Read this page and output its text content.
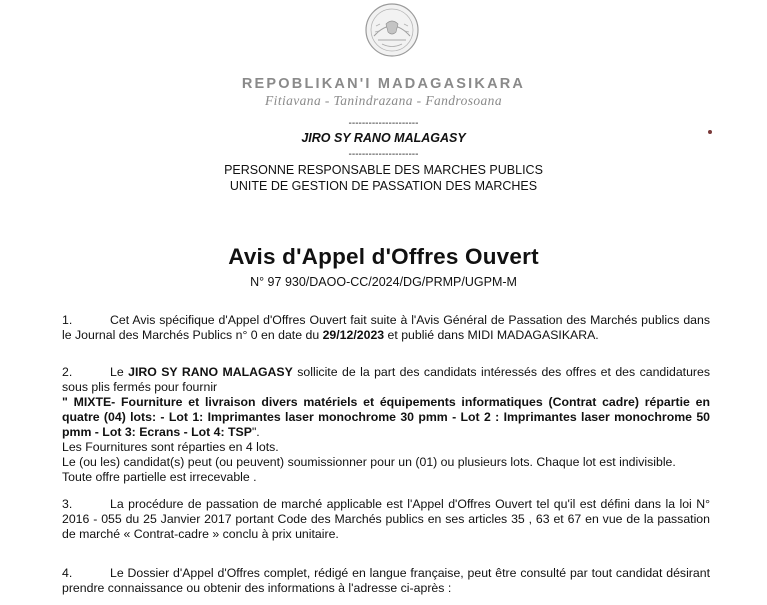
REPOBLIKAN'I MADAGASIKARA
Fitiavana - Tanindrazana - Fandrosoana
---------------------
JIRO SY RANO MALAGASY
---------------------
PERSONNE RESPONSABLE DES MARCHES PUBLICS
UNITE DE GESTION DE PASSATION DES MARCHES
Avis d'Appel d'Offres Ouvert
N° 97 930/DAOO-CC/2024/DG/PRMP/UGPM-M
1.	Cet Avis spécifique d'Appel d'Offres Ouvert fait suite à l'Avis Général de Passation des Marchés publics dans le Journal des Marchés Publics n° 0 en date du 29/12/2023 et publié dans MIDI MADAGASIKARA.
2.	Le JIRO SY RANO MALAGASY sollicite de la part des candidats intéressés des offres et des candidatures sous plis fermés pour fournir
" MIXTE- Fourniture et livraison divers matériels et équipements informatiques (Contrat cadre) répartie en quatre (04) lots: - Lot 1: Imprimantes laser monochrome 30 pmm - Lot 2 : Imprimantes laser monochrome 50 pmm - Lot 3: Ecrans - Lot 4: TSP".
Les Fournitures sont réparties en 4 lots.
Le (ou les) candidat(s) peut (ou peuvent) soumissionner pour un (01) ou plusieurs lots. Chaque lot est indivisible.
Toute offre partielle est irrecevable .
3.	La procédure de passation de marché applicable est l'Appel d'Offres Ouvert tel qu'il est défini dans la loi N° 2016 - 055 du 25 Janvier 2017 portant Code des Marchés publics en ses articles 35 , 63 et 67 en vue de la passation de marché « Contrat-cadre » conclu à prix unitaire.
4.	Le Dossier d'Appel d'Offres complet, rédigé en langue française, peut être consulté par tout candidat désirant prendre connaissance ou obtenir des informations à l'adresse ci-après :
